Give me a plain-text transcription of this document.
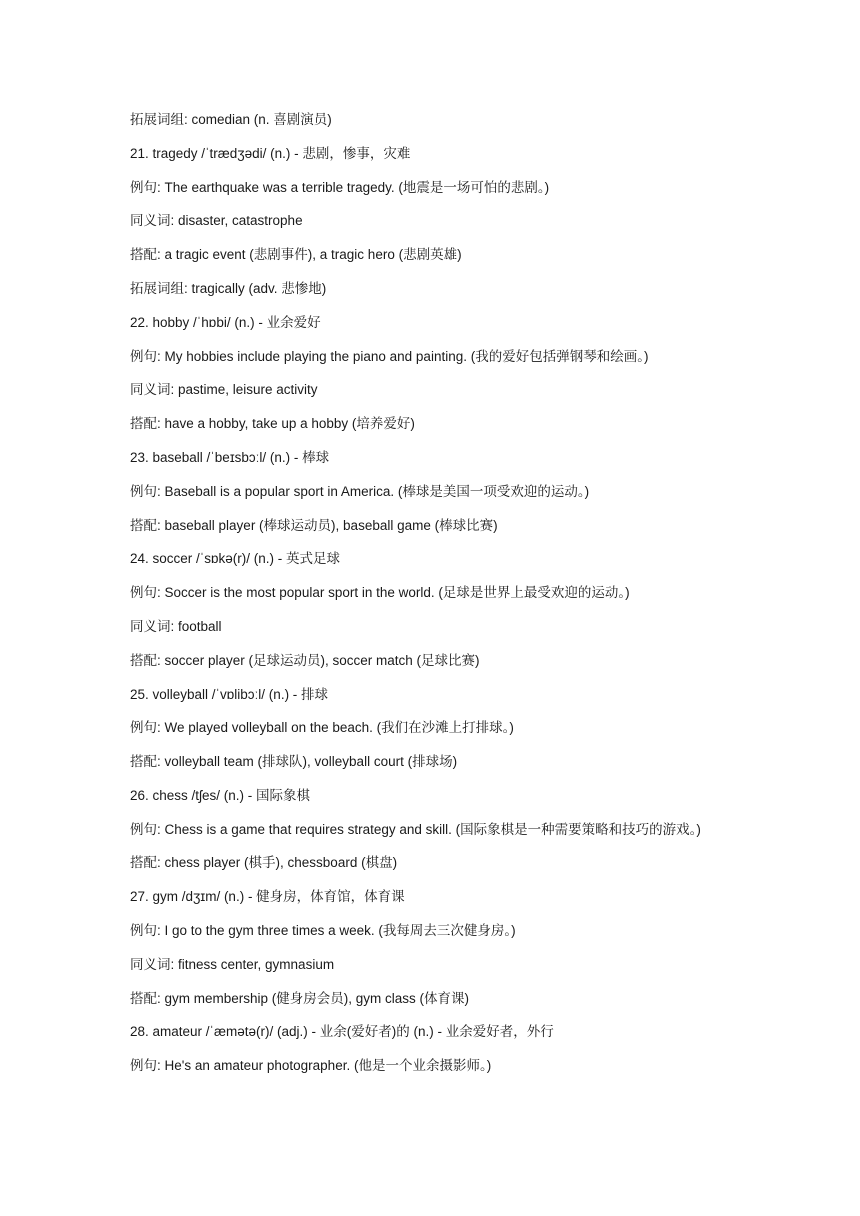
拓展词组: comedian (n. 喜剧演员)
21. tragedy /ˈtrædʒədi/ (n.) - 悲剧，惨事，灾难
例句: The earthquake was a terrible tragedy. (地震是一场可怕的悲剧。)
同义词: disaster, catastrophe
搭配: a tragic event (悲剧事件), a tragic hero (悲剧英雄)
拓展词组: tragically (adv. 悲惨地)
22. hobby /ˈhɒbi/ (n.) - 业余爱好
例句: My hobbies include playing the piano and painting. (我的爱好包括弹钢琴和绘画。)
同义词: pastime, leisure activity
搭配: have a hobby, take up a hobby (培养爱好)
23. baseball /ˈbeɪsbɔːl/ (n.) - 棒球
例句: Baseball is a popular sport in America. (棒球是美国一项受欢迎的运动。)
搭配: baseball player (棒球运动员), baseball game (棒球比赛)
24. soccer /ˈsɒkə(r)/ (n.) - 英式足球
例句: Soccer is the most popular sport in the world. (足球是世界上最受欢迎的运动。)
同义词: football
搭配: soccer player (足球运动员), soccer match (足球比赛)
25. volleyball /ˈvɒlibɔːl/ (n.) - 排球
例句: We played volleyball on the beach. (我们在沙滩上打排球。)
搭配: volleyball team (排球队), volleyball court (排球场)
26. chess /tʃes/ (n.) - 国际象棋
例句: Chess is a game that requires strategy and skill. (国际象棋是一种需要策略和技巧的游戏。)
搭配: chess player (棋手), chessboard (棋盘)
27. gym /dʒɪm/ (n.) - 健身房，体育馆，体育课
例句: I go to the gym three times a week. (我每周去三次健身房。)
同义词: fitness center, gymnasium
搭配: gym membership (健身房会员), gym class (体育课)
28. amateur /ˈæmətə(r)/ (adj.) - 业余(爱好者)的 (n.) - 业余爱好者，外行
例句: He's an amateur photographer. (他是一个业余摄影师。)
